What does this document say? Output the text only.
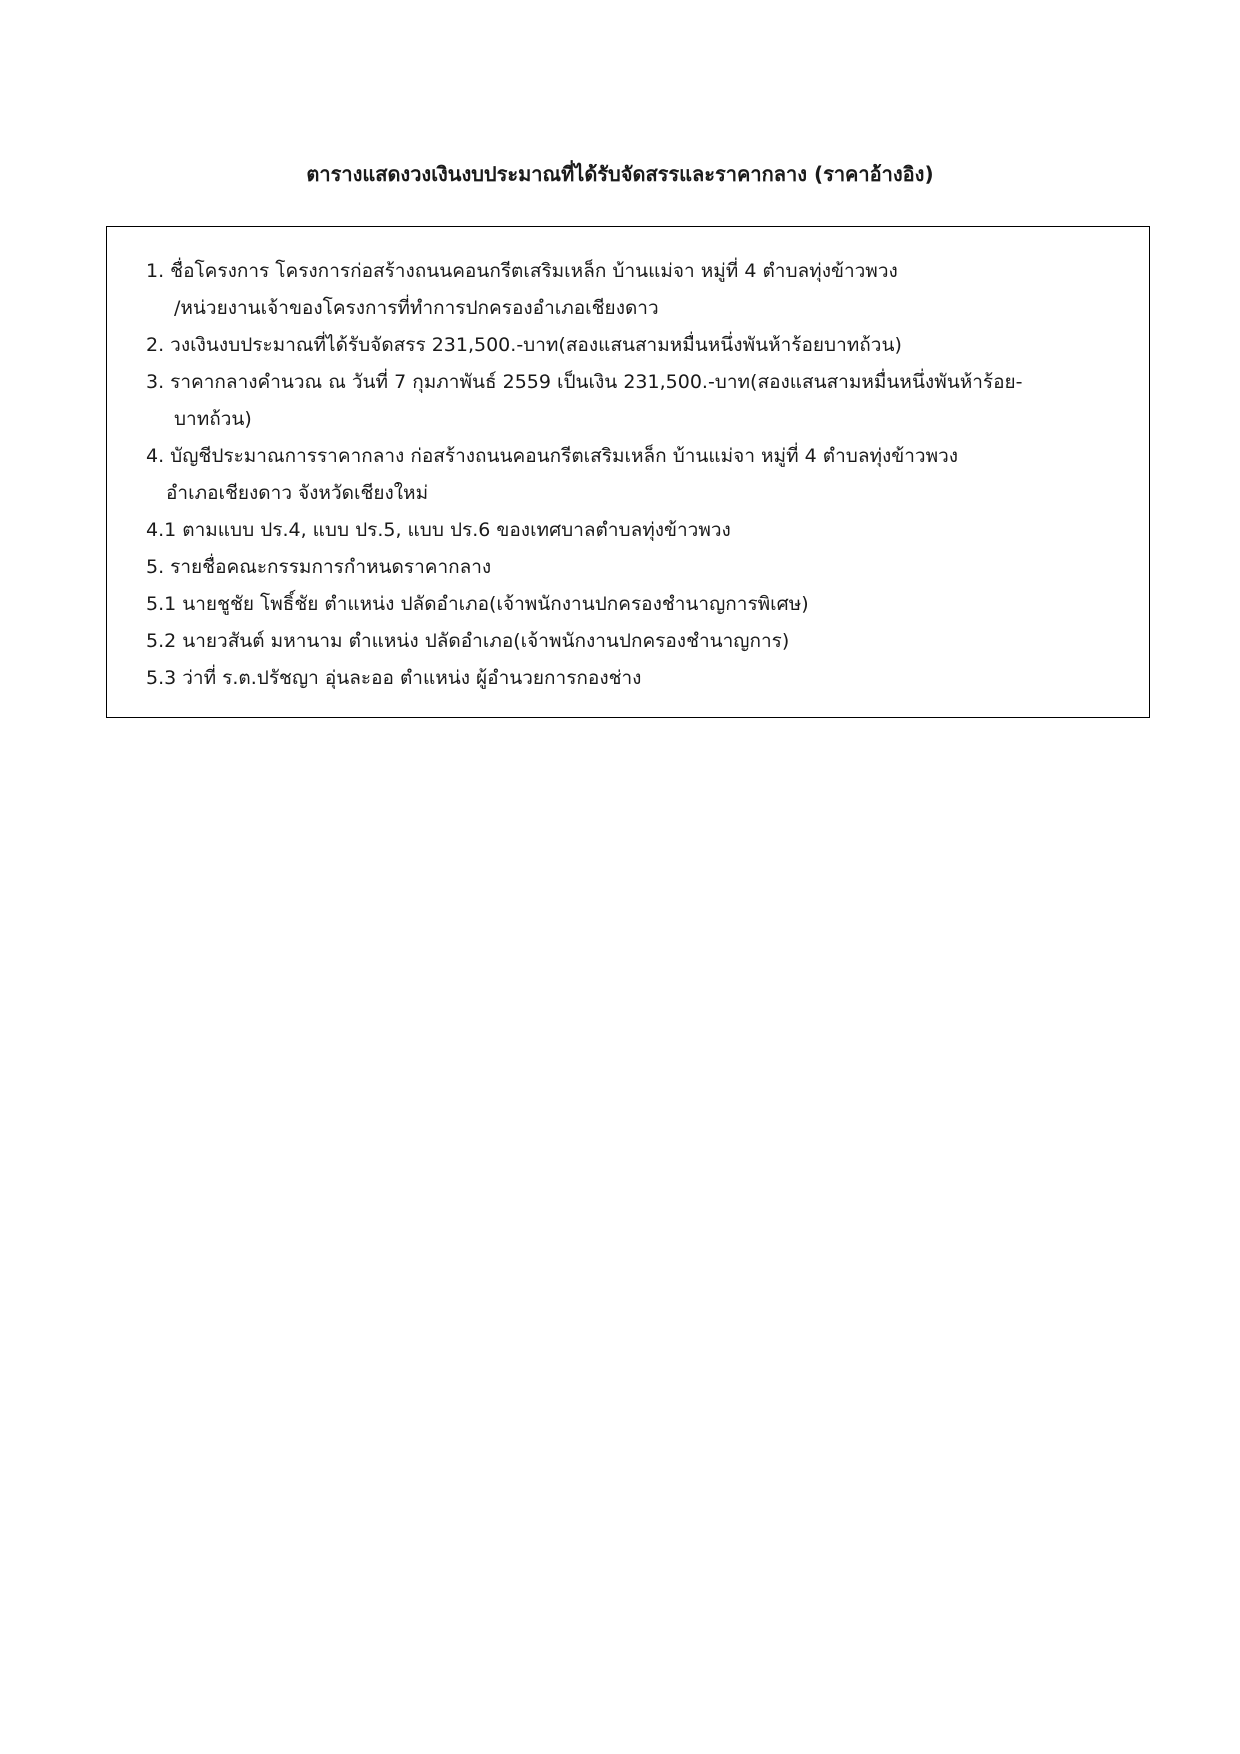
ตารางแสดงวงเงินงบประมาณที่ได้รับจัดสรรและราคากลาง (ราคาอ้างอิง)
1. ชื่อโครงการ โครงการก่อสร้างถนนคอนกรีตเสริมเหล็ก บ้านแม่จา หมู่ที่ 4 ตำบลทุ่งข้าวพวง
/หน่วยงานเจ้าของโครงการที่ทำการปกครองอำเภอเชียงดาว
2. วงเงินงบประมาณที่ได้รับจัดสรร 231,500.-บาท(สองแสนสามหมื่นหนึ่งพันห้าร้อยบาทถ้วน)
3. ราคากลางคำนวณ ณ วันที่ 7 กุมภาพันธ์ 2559 เป็นเงิน 231,500.-บาท(สองแสนสามหมื่นหนึ่งพันห้าร้อย-
บาทถ้วน)
4. บัญชีประมาณการราคากลาง ก่อสร้างถนนคอนกรีตเสริมเหล็ก บ้านแม่จา หมู่ที่ 4 ตำบลทุ่งข้าวพวง
อำเภอเชียงดาว จังหวัดเชียงใหม่
4.1 ตามแบบ ปร.4, แบบ ปร.5, แบบ ปร.6 ของเทศบาลตำบลทุ่งข้าวพวง
5. รายชื่อคณะกรรมการกำหนดราคากลาง
5.1 นายชูชัย โพธิ์ชัย ตำแหน่ง ปลัดอำเภอ(เจ้าพนักงานปกครองชำนาญการพิเศษ)
5.2 นายวสันต์ มหานาม ตำแหน่ง ปลัดอำเภอ(เจ้าพนักงานปกครองชำนาญการ)
5.3 ว่าที่ ร.ต.ปรัชญา อุ่นละออ ตำแหน่ง ผู้อำนวยการกองช่าง
